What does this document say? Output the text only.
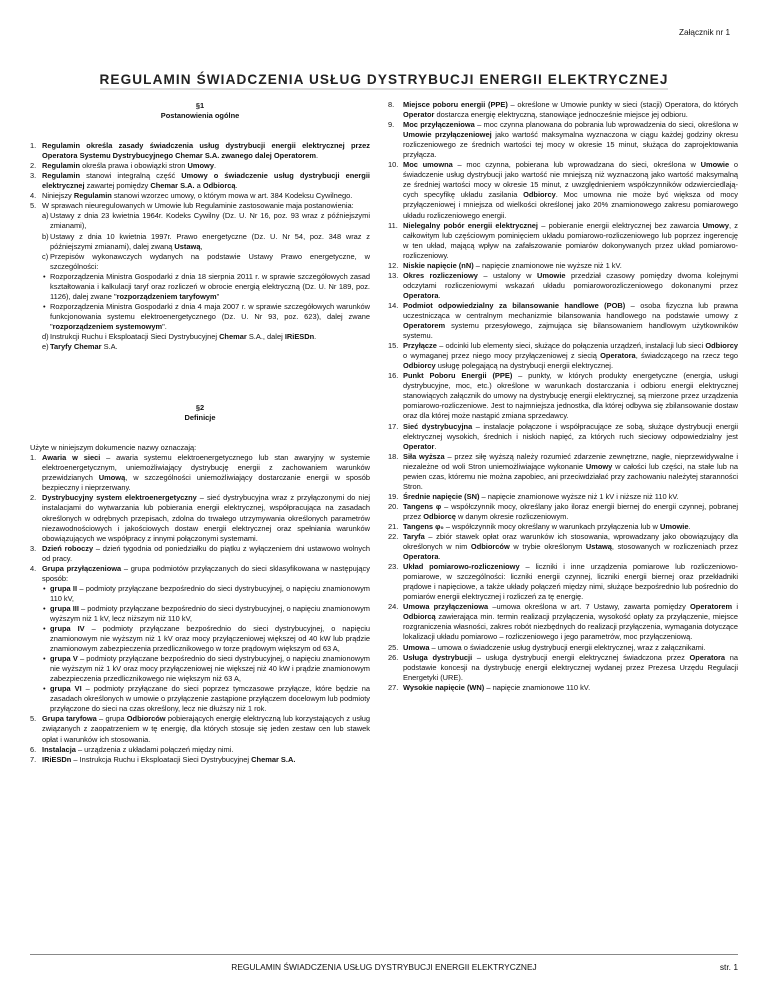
Załącznik nr 1
REGULAMIN ŚWIADCZENIA USŁUG DYSTRYBUCJI ENERGII ELEKTRYCZNEJ
§1
Postanowienia ogólne
1. Regulamin określa zasady świadczenia usług dystrybucji energii elektrycznej przez Operatora Systemu Dystrybucyjnego Chemar S.A. zwanego dalej Operatorem.
2. Regulamin określa prawa i obowiązki stron Umowy.
3. Regulamin stanowi integralną część Umowy o świadczenie usług dystrybucji energii elektrycznej zawartej pomiędzy Chemar S.A. a Odbiorcą.
4. Niniejszy Regulamin stanowi wzorzec umowy, o którym mowa w art. 384 Kodeksu Cywilnego.
5. W sprawach nieuregulowanych w Umowie lub Regulaminie zastosowanie maja postanowienia:
a) Ustawy z dnia 23 kwietnia 1964r. Kodeks Cywilny (Dz. U. Nr 16, poz. 93 wraz z późniejszymi zmianami),
b) Ustawy z dnia 10 kwietnia 1997r. Prawo energetyczne (Dz. U. Nr 54, poz. 348 wraz z późniejszymi zmianami), dalej zwaną Ustawą,
c) Przepisów wykonawczych wydanych na podstawie Ustawy Prawo energetyczne, w szczególności:
• Rozporządzenia Ministra Gospodarki z dnia 18 sierpnia 2011 r. w sprawie szczegółowych zasad kształtowania i kalkulacji taryf oraz rozliczeń w obrocie energią elektryczną (Dz. U. Nr 189, poz. 1126), dalej zwane "rozporządzeniem taryfowym"
• Rozporządzenia Ministra Gospodarki z dnia 4 maja 2007 r. w sprawie szczegółowych warunków funkcjonowania systemu elektroenergetycznego (Dz. U. Nr 93, poz. 623), dalej zwane "rozporządzeniem systemowym".
d) Instrukcji Ruchu i Eksploatacji Sieci Dystrybucyjnej Chemar S.A., dalej IRiESDn.
e) Taryfy Chemar S.A.
§2
Definicje
Użyte w niniejszym dokumencie nazwy oznaczają:
1. Awaria w sieci – awaria systemu elektroenergetycznego lub stan awaryjny w systemie elektroenergetycznym, uniemożliwiający dystrybucję energii z zachowaniem warunków przewidzianych Umową, w szczególności uniemożliwiający dostarczanie energii w sposób bezpieczny i nieprzerwany.
2. Dystrybucyjny system elektroenergetyczny – sieć dystrybucyjna wraz z przyłączonymi do niej instalacjami do wytwarzania lub pobierania energii elektrycznej, współpracująca na zasadach określonych w odrębnych przepisach, zdolna do trwałego utrzymywania określonych parametrów niezawodnościowych i jakościowych dostaw energii elektrycznej oraz spełniania warunków obowiązujących we współpracy z innymi połączonymi systemami.
3. Dzień roboczy – dzień tygodnia od poniedziałku do piątku z wyłączeniem dni ustawowo wolnych od pracy.
4. Grupa przyłączeniowa – grupa podmiotów przyłączanych do sieci sklasyfikowana w następujący sposób:
• grupa II – podmioty przyłączane bezpośrednio do sieci dystrybucyjnej, o napięciu znamionowym 110 kV,
• grupa III – podmioty przyłączane bezpośrednio do sieci dystrybucyjnej, o napięciu znamionowym wyższym niż 1 kV, lecz niższym niż 110 kV,
• grupa IV – podmioty przyłączane bezpośrednio do sieci dystrybucyjnej, o napięciu znamionowym nie wyższym niż 1 kV oraz mocy przyłączeniowej większej od 40 kW lub prądzie znamionowym zabezpieczenia przedlicznikowego w torze prądowym większym od 63 A,
• grupa V – podmioty przyłączane bezpośrednio do sieci dystrybucyjnej, o napięciu znamionowym nie wyższym niż 1 kV oraz mocy przyłączeniowej nie większej niż 40 kW i prądzie znamionowym zabezpieczenia przedlicznikowego nie większym niż 63 A,
• grupa VI – podmioty przyłączane do sieci poprzez tymczasowe przyłącze, które będzie na zasadach określonych w umowie o przyłączenie zastąpione przyłączem docelowym lub podmioty przyłączone do sieci na czas określony, lecz nie dłuższy niż 1 rok.
5. Grupa taryfowa – grupa Odbiorców pobierających energię elektryczną lub korzystających z usług związanych z zaopatrzeniem w tę energię, dla których stosuje się jeden zestaw cen lub stawek opłat i warunków ich stosowania.
6. Instalacja – urządzenia z układami połączeń między nimi.
7. IRiESDn – Instrukcja Ruchu i Eksploatacji Sieci Dystrybucyjnej Chemar S.A.
8. Miejsce poboru energii (PPE) – określone w Umowie punkty w sieci (stacji) Operatora, do których Operator dostarcza energię elektryczną, stanowiące jednocześnie miejsce jej odbioru.
9. Moc przyłączeniowa – moc czynna planowana do pobrania lub wprowadzenia do sieci, określona w Umowie przyłączeniowej jako wartość maksymalna wyznaczona w ciągu każdej godziny okresu rozliczeniowego ze średnich wartości tej mocy w okresie 15 minut, służąca do zaprojektowania przyłącza.
10. Moc umowna – moc czynna, pobierana lub wprowadzana do sieci, określona w Umowie o świadczenie usług dystrybucji jako wartość nie mniejszą niż wyznaczoną jako wartość maksymalną ze średniej wartości mocy w okresie 15 minut, z uwzględnieniem współczynników odzwierciedlających specyfikę układu zasilania Odbiorcy. Moc umowna nie może być większa od mocy przyłączeniowej i mniejsza od wielkości określonej jako 20% znamionowego zakresu pomiarowego układu rozliczeniowego energii.
11. Nielegalny pobór energii elektrycznej – pobieranie energii elektrycznej bez zawarcia Umowy, z całkowitym lub częściowym pominięciem układu pomiarowo-rozliczeniowego lub poprzez ingerencję w ten układ, mającą wpływ na zafałszowanie pomiarów dokonywanych przez układ pomiarowo-rozliczeniowy.
12. Niskie napięcie (nN) – napięcie znamionowe nie wyższe niż 1 kV.
13. Okres rozliczeniowy – ustalony w Umowie przedział czasowy pomiędzy dwoma kolejnymi odczytami rozliczeniowymi wskazań układu pomiaroworozliczeniowego dokonanymi przez Operatora.
14. Podmiot odpowiedzialny za bilansowanie handlowe (POB) – osoba fizyczna lub prawna uczestnicząca w centralnym mechanizmie bilansowania handlowego na podstawie umowy z Operatorem systemu przesyłowego, zajmująca się bilansowaniem handlowym użytkowników systemu.
15. Przyłącze – odcinki lub elementy sieci, służące do połączenia urządzeń, instalacji lub sieci Odbiorcy o wymaganej przez niego mocy przyłączeniowej z siecią Operatora, świadczącego na rzecz tego Odbiorcy usługę polegającą na dystrybucji energii elektrycznej.
16. Punkt Poboru Energii (PPE) – punkty, w których produkty energetyczne (energia, usługi dystrybucyjne, moc, etc.) określone w warunkach dostarczania i odbioru energii elektrycznej stanowiących załącznik do umowy na dystrybucję energii elektrycznej, są mierzone przez urządzenia pomiarowo-rozliczeniowe. Jest to najmniejsza jednostka, dla której odbywa się zbilansowanie dostaw oraz dla której może nastąpić zmiana sprzedawcy.
17. Sieć dystrybucyjna – instalacje połączone i współpracujące ze sobą, służące dystrybucji energii elektrycznej wysokich, średnich i niskich napięć, za których ruch sieciowy odpowiedzialny jest Operator.
18. Siła wyższa – przez siłę wyższą należy rozumieć zdarzenie zewnętrzne, nagłe, nieprzewidywalne i niezależne od woli Stron uniemożliwiające wykonanie Umowy w całości lub części, na stałe lub na pewien czas, któremu nie można zapobiec, ani przeciwdziałać przy zachowaniu należytej staranności Stron.
19. Średnie napięcie (SN) – napięcie znamionowe wyższe niż 1 kV i niższe niż 110 kV.
20. Tangens φ – współczynnik mocy, określany jako iloraz energii biernej do energii czynnej, pobranej przez Odbiorcę w danym okresie rozliczeniowym.
21. Tangens φ₀ – współczynnik mocy określany w warunkach przyłączenia lub w Umowie.
22. Taryfa – zbiór stawek opłat oraz warunków ich stosowania, wprowadzany jako obowiązujący dla określonych w nim Odbiorców w trybie określonym Ustawą, stosowanych w rozliczeniach przez Operatora.
23. Układ pomiarowo-rozliczeniowy – liczniki i inne urządzenia pomiarowe lub rozliczeniowo-pomiarowe, w szczególności: liczniki energii czynnej, liczniki energii biernej oraz przekładniki prądowe i napięciowe, a także układy połączeń między nimi, służące bezpośrednio lub pośrednio do pomiarów energii elektrycznej i rozliczeń za tę energię.
24. Umowa przyłączeniowa –umowa określona w art. 7 Ustawy, zawarta pomiędzy Operatorem i Odbiorcą zawierająca min. termin realizacji przyłączenia, wysokość opłaty za przyłączenie, miejsce rozgraniczenia własności, zakres robót niezbędnych do realizacji przyłączenia, wymagania dotyczące lokalizacji układu pomiarowo – rozliczeniowego i jego parametrów, moc przyłączeniową.
25. Umowa – umowa o świadczenie usług dystrybucji energii elektrycznej, wraz z załącznikami.
26. Usługa dystrybucji – usługa dystrybucji energii elektrycznej świadczona przez Operatora na podstawie koncesji na dystrybucję energii elektrycznej wydanej przez Prezesa Urzędu Regulacji Energetyki (URE).
27. Wysokie napięcie (WN) – napięcie znamionowe 110 kV.
REGULAMIN ŚWIADCZENIA USŁUG DYSTRYBUCJI ENERGII ELEKTRYCZNEJ	str. 1
